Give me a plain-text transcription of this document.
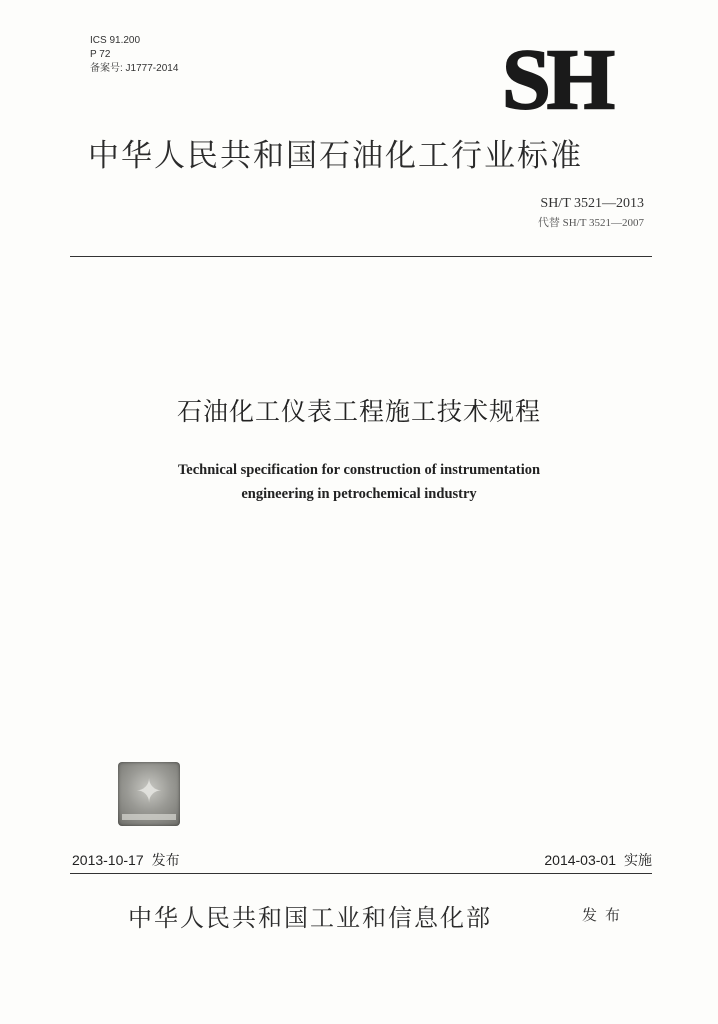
ICS 91.200
P 72
备案号: J1777-2014	SH
中华人民共和国石油化工行业标准
SH/T 3521—2013
代替 SH/T 3521—2007
石油化工仪表工程施工技术规程
Technical specification for construction of instrumentation
engineering in petrochemical industry
✦
2013-10-17 发布	2014-03-01 实施
中华人民共和国工业和信息化部	发布
